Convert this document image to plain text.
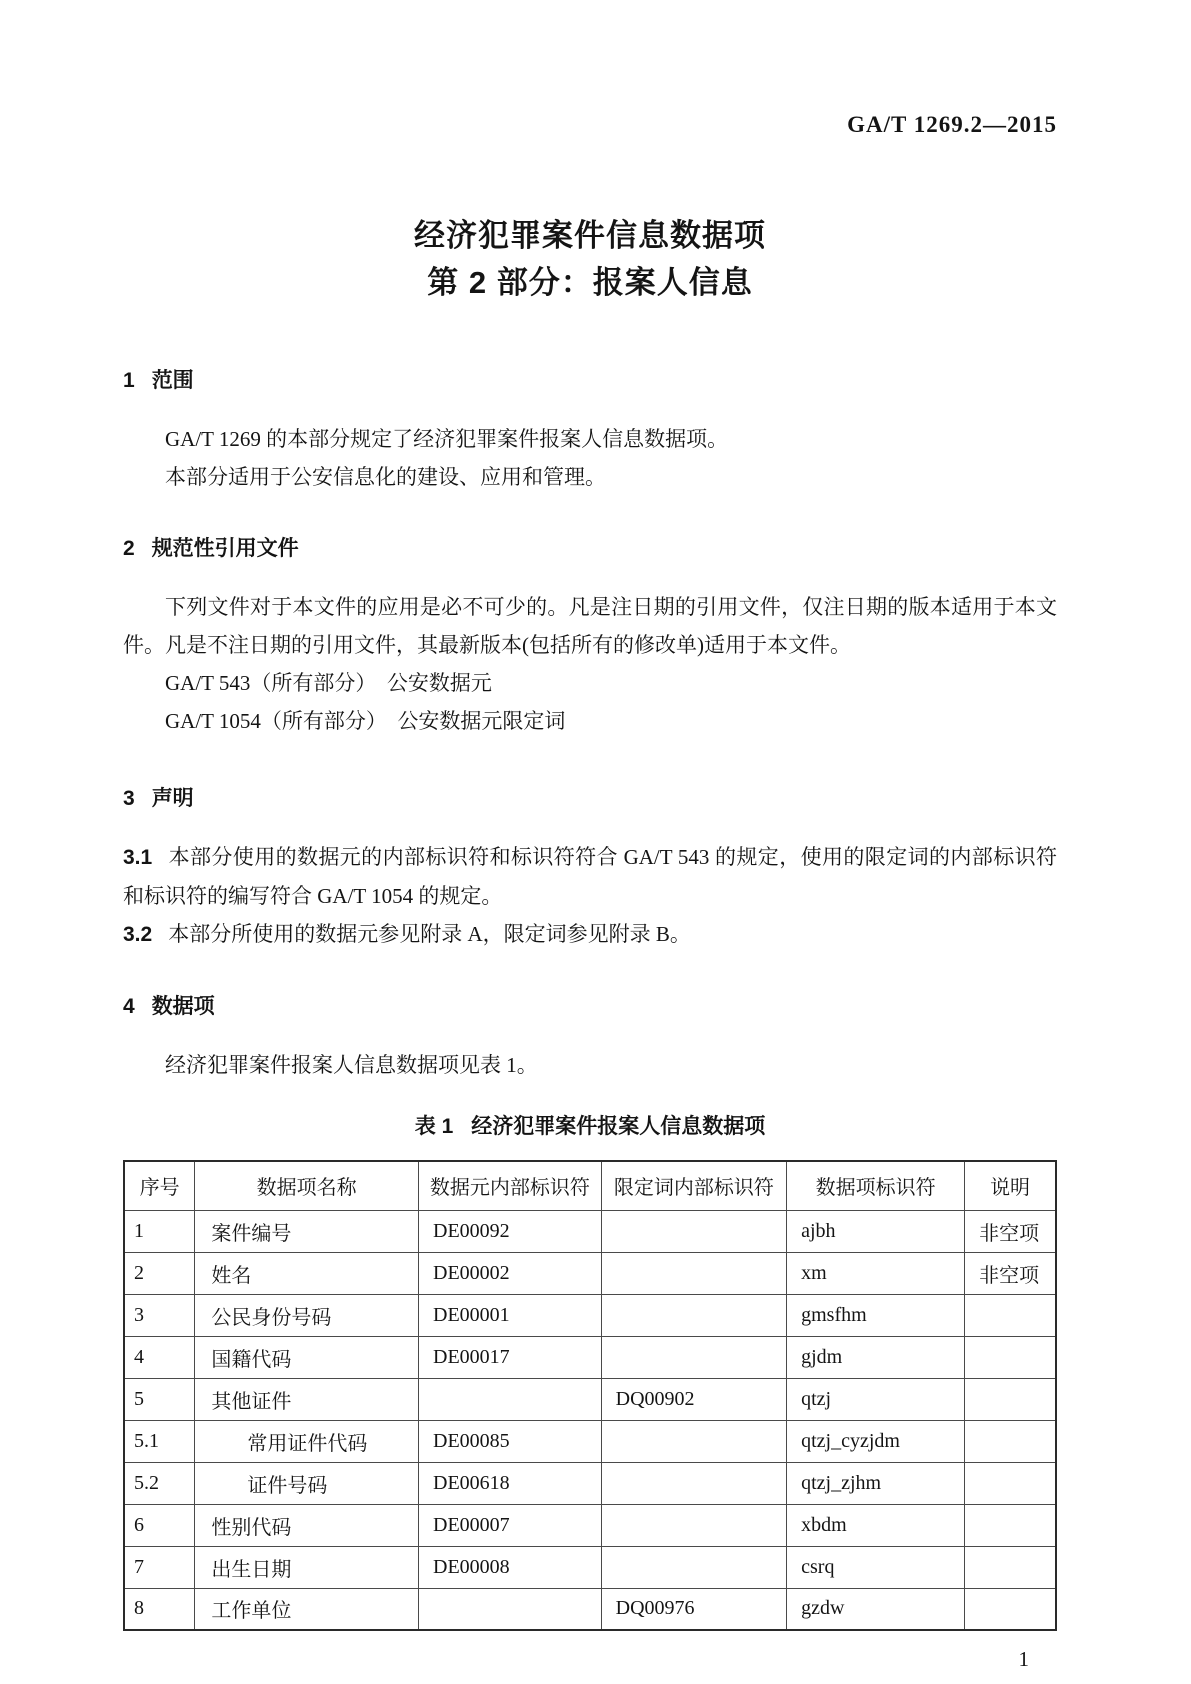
GA/T 1269.2—2015
经济犯罪案件信息数据项
第 2 部分：报案人信息
1 范围

GA/T 1269 的本部分规定了经济犯罪案件报案人信息数据项。

本部分适用于公安信息化的建设、应用和管理。

2 规范性引用文件

下列文件对于本文件的应用是必不可少的。凡是注日期的引用文件，仅注日期的版本适用于本文件。凡是不注日期的引用文件，其最新版本(包括所有的修改单)适用于本文件。

GA/T 543（所有部分）　公安数据元

GA/T 1054（所有部分）　公安数据元限定词

3 声明

3.1 本部分使用的数据元的内部标识符和标识符符合 GA/T 543 的规定，使用的限定词的内部标识符和标识符的编写符合 GA/T 1054 的规定。

3.2 本部分所使用的数据元参见附录 A，限定词参见附录 B。

4 数据项

经济犯罪案件报案人信息数据项见表 1。

表 1 经济犯罪案件报案人信息数据项
序号	数据项名称	数据元内部标识符	限定词内部标识符	数据项标识符	说明
1	案件编号	DE00092		ajbh	非空项
2	姓名	DE00002		xm	非空项
3	公民身份号码	DE00001		gmsfhm	
4	国籍代码	DE00017		gjdm	
5	其他证件		DQ00902	qtzj	
5.1	常用证件代码	DE00085		qtzj_cyzjdm	
5.2	证件号码	DE00618		qtzj_zjhm	
6	性别代码	DE00007		xbdm	
7	出生日期	DE00008		csrq	
8	工作单位		DQ00976	gzdw	
1
